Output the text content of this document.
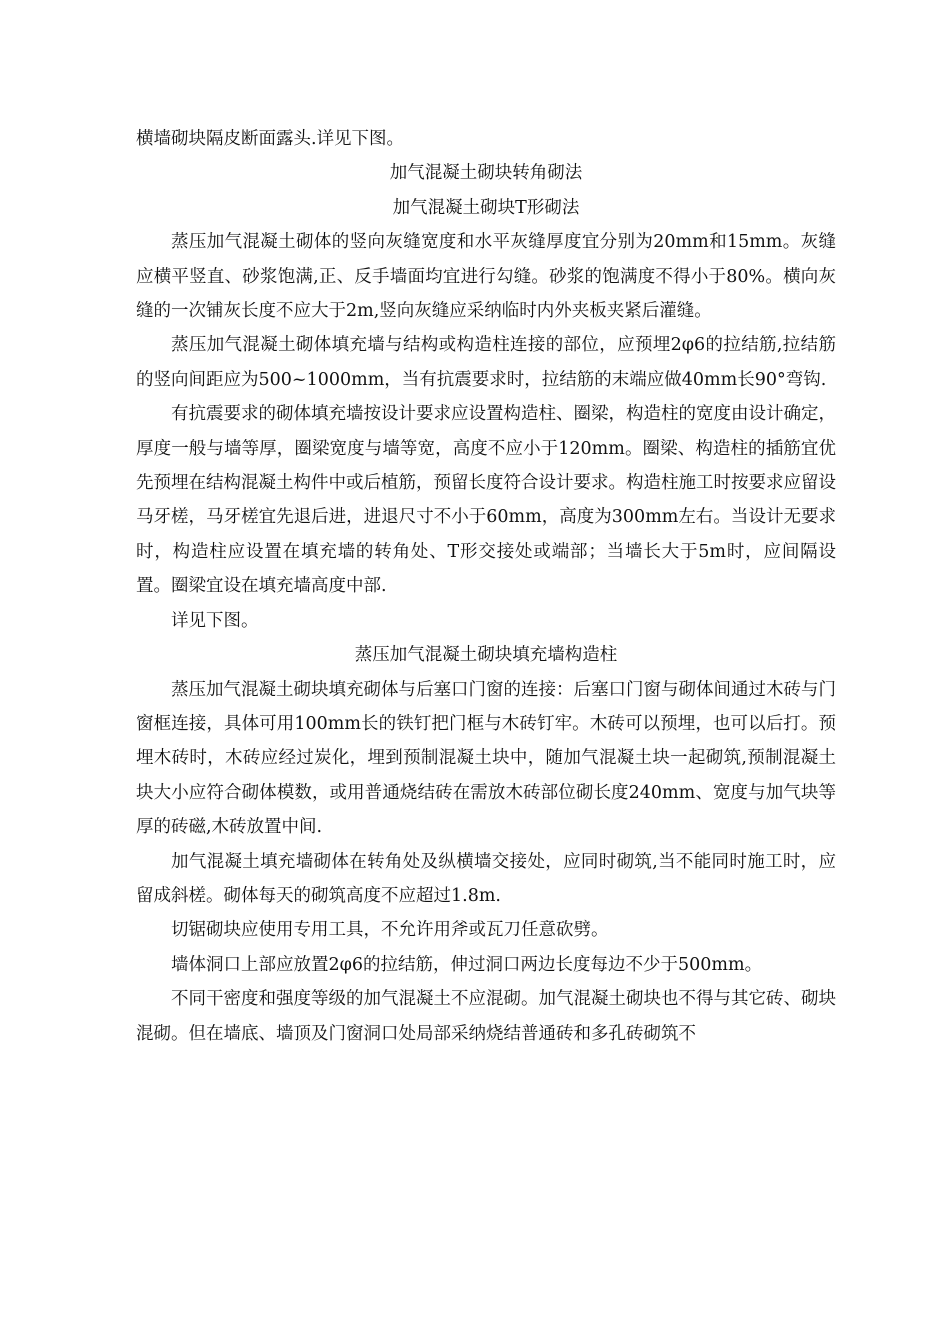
横墙砌块隔皮断面露头.详见下图。

加气混凝土砌块转角砌法

加气混凝土砌块T形砌法

蒸压加气混凝土砌体的竖向灰缝宽度和水平灰缝厚度宜分别为20mm和15mm。灰缝应横平竖直、砂浆饱满,正、反手墙面均宜进行勾缝。砂浆的饱满度不得小于80%。横向灰缝的一次铺灰长度不应大于2m,竖向灰缝应采纳临时内外夹板夹紧后灌缝。

蒸压加气混凝土砌体填充墙与结构或构造柱连接的部位，应预埋2φ6的拉结筋,拉结筋的竖向间距应为500~1000mm，当有抗震要求时，拉结筋的末端应做40mm长90°弯钩.

有抗震要求的砌体填充墙按设计要求应设置构造柱、圈梁，构造柱的宽度由设计确定，厚度一般与墙等厚，圈梁宽度与墙等宽，高度不应小于120mm。圈梁、构造柱的插筋宜优先预埋在结构混凝土构件中或后植筋，预留长度符合设计要求。构造柱施工时按要求应留设马牙槎，马牙槎宜先退后进，进退尺寸不小于60mm，高度为300mm左右。当设计无要求时，构造柱应设置在填充墙的转角处、T形交接处或端部；当墙长大于5m时，应间隔设置。圈梁宜设在填充墙高度中部.

详见下图。

蒸压加气混凝土砌块填充墙构造柱

蒸压加气混凝土砌块填充砌体与后塞口门窗的连接：后塞口门窗与砌体间通过木砖与门窗框连接，具体可用100mm长的铁钉把门框与木砖钉牢。木砖可以预埋，也可以后打。预埋木砖时，木砖应经过炭化，埋到预制混凝土块中，随加气混凝土块一起砌筑,预制混凝土块大小应符合砌体模数，或用普通烧结砖在需放木砖部位砌长度240mm、宽度与加气块等厚的砖磁,木砖放置中间.

加气混凝土填充墙砌体在转角处及纵横墙交接处，应同时砌筑,当不能同时施工时，应留成斜槎。砌体每天的砌筑高度不应超过1.8m.

切锯砌块应使用专用工具，不允许用斧或瓦刀任意砍劈。

墙体洞口上部应放置2φ6的拉结筋，伸过洞口两边长度每边不少于500mm。

不同干密度和强度等级的加气混凝土不应混砌。加气混凝土砌块也不得与其它砖、砌块混砌。但在墙底、墙顶及门窗洞口处局部采纳烧结普通砖和多孔砖砌筑不
